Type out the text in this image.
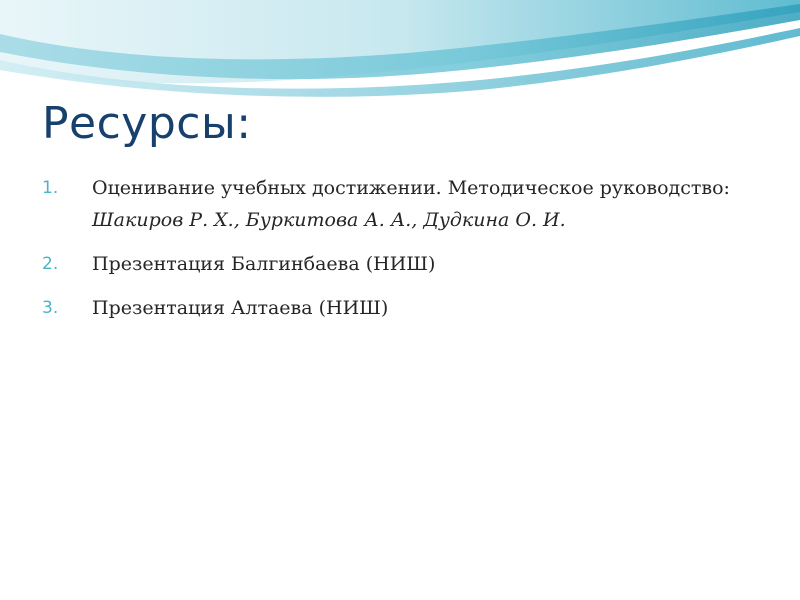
Ресурсы:
1.	Оценивание учебных достижении. Методическое руководство: Шакиров Р. Х., Буркитова А. А., Дудкина О. И.
2.	Презентация Балгинбаева (НИШ)
3.	Презентация Алтаева (НИШ)
